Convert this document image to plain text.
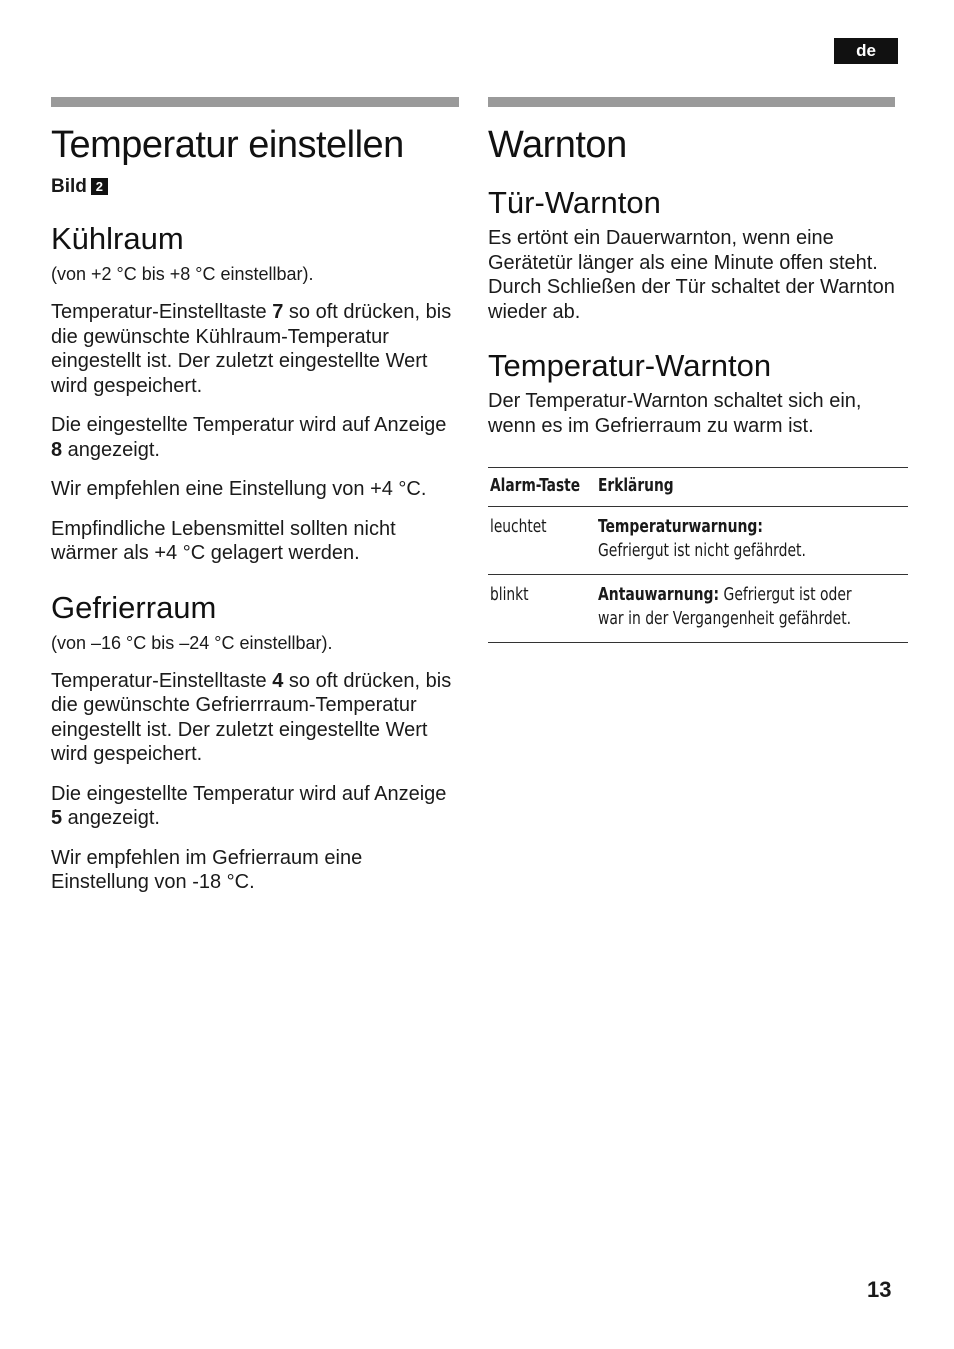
de
Temperatur einstellen
Bild 2
Kühlraum

(von +2 °C bis +8 °C einstellbar).

Temperatur-Einstelltaste 7 so oft drücken, bis die gewünschte Kühlraum-Temperatur eingestellt ist. Der zuletzt eingestellte Wert wird gespeichert.

Die eingestellte Temperatur wird auf Anzeige 8 angezeigt.

Wir empfehlen eine Einstellung von +4 °C.

Empfindliche Lebensmittel sollten nicht wärmer als +4 °C gelagert werden.

Gefrierraum

(von –16 °C bis –24 °C einstellbar).

Temperatur-Einstelltaste 4 so oft drücken, bis die gewünschte Gefrierrraum-Temperatur eingestellt ist. Der zuletzt eingestellte Wert wird gespeichert.

Die eingestellte Temperatur wird auf Anzeige 5 angezeigt.

Wir empfehlen im Gefrierraum eine Einstellung von -18 °C.

Warnton
Tür-Warnton

Es ertönt ein Dauerwarnton, wenn eine Gerätetür länger als eine Minute offen steht. Durch Schließen der Tür schaltet der Warnton wieder ab.

Temperatur-Warnton

Der Temperatur-Warnton schaltet sich ein, wenn es im Gefrierraum zu warm ist.

Alarm-Taste	Erklärung
leuchtet	Temperaturwarnung:
Gefriergut ist nicht gefährdet.

blinkt	Antauwarnung: Gefriergut ist oder war in der Vergangenheit gefährdet.
13
